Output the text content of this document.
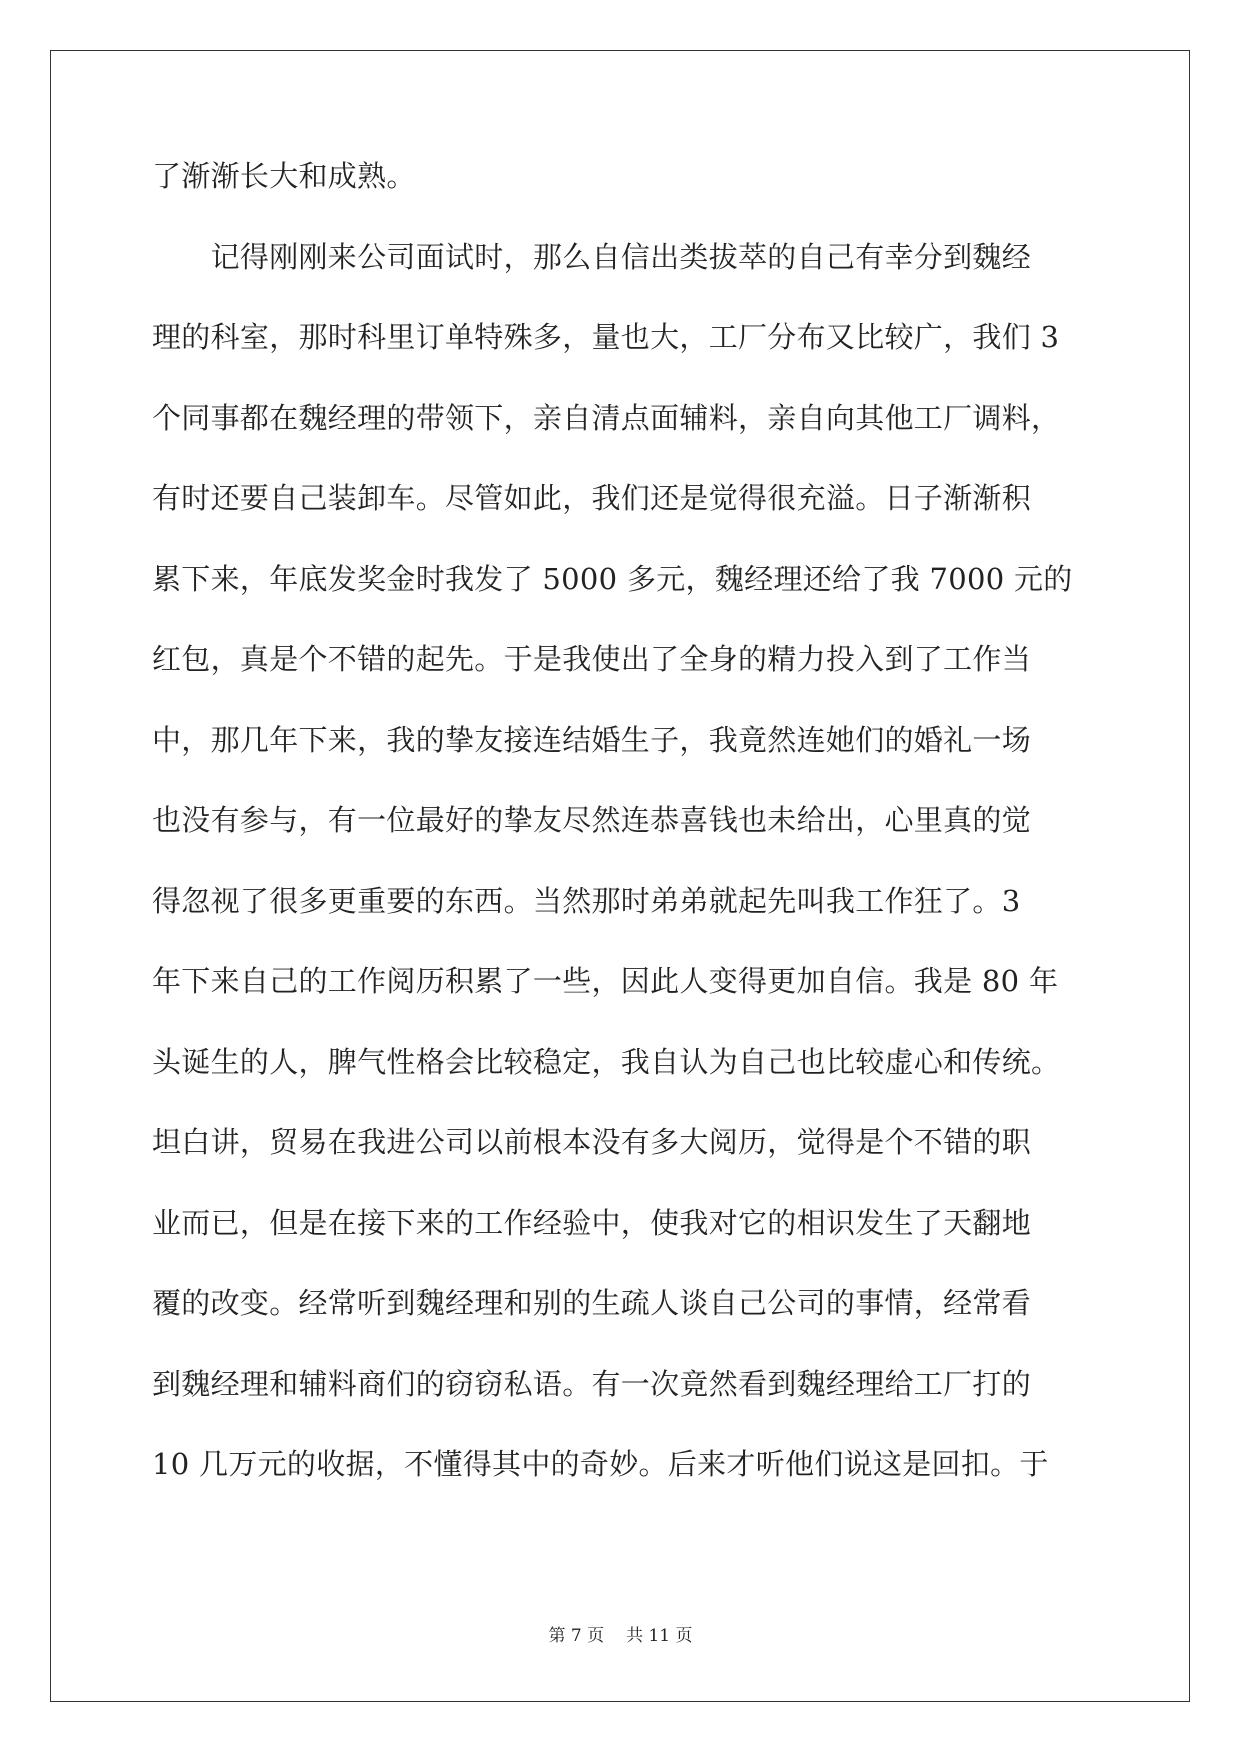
了渐渐长大和成熟。
　　记得刚刚来公司面试时，那么自信出类拔萃的自己有幸分到魏经
理的科室，那时科里订单特殊多，量也大，工厂分布又比较广，我们 3
个同事都在魏经理的带领下，亲自清点面辅料，亲自向其他工厂调料，
有时还要自己装卸车。尽管如此，我们还是觉得很充溢。日子渐渐积
累下来，年底发奖金时我发了 5000 多元，魏经理还给了我 7000 元的
红包，真是个不错的起先。于是我使出了全身的精力投入到了工作当
中，那几年下来，我的挚友接连结婚生子，我竟然连她们的婚礼一场
也没有参与，有一位最好的挚友尽然连恭喜钱也未给出，心里真的觉
得忽视了很多更重要的东西。当然那时弟弟就起先叫我工作狂了。3
年下来自己的工作阅历积累了一些，因此人变得更加自信。我是 80 年
头诞生的人，脾气性格会比较稳定，我自认为自己也比较虚心和传统。
坦白讲，贸易在我进公司以前根本没有多大阅历，觉得是个不错的职
业而已，但是在接下来的工作经验中，使我对它的相识发生了天翻地
覆的改变。经常听到魏经理和别的生疏人谈自己公司的事情，经常看
到魏经理和辅料商们的窃窃私语。有一次竟然看到魏经理给工厂打的
10 几万元的收据，不懂得其中的奇妙。后来才听他们说这是回扣。于
第 7 页 共 11 页
